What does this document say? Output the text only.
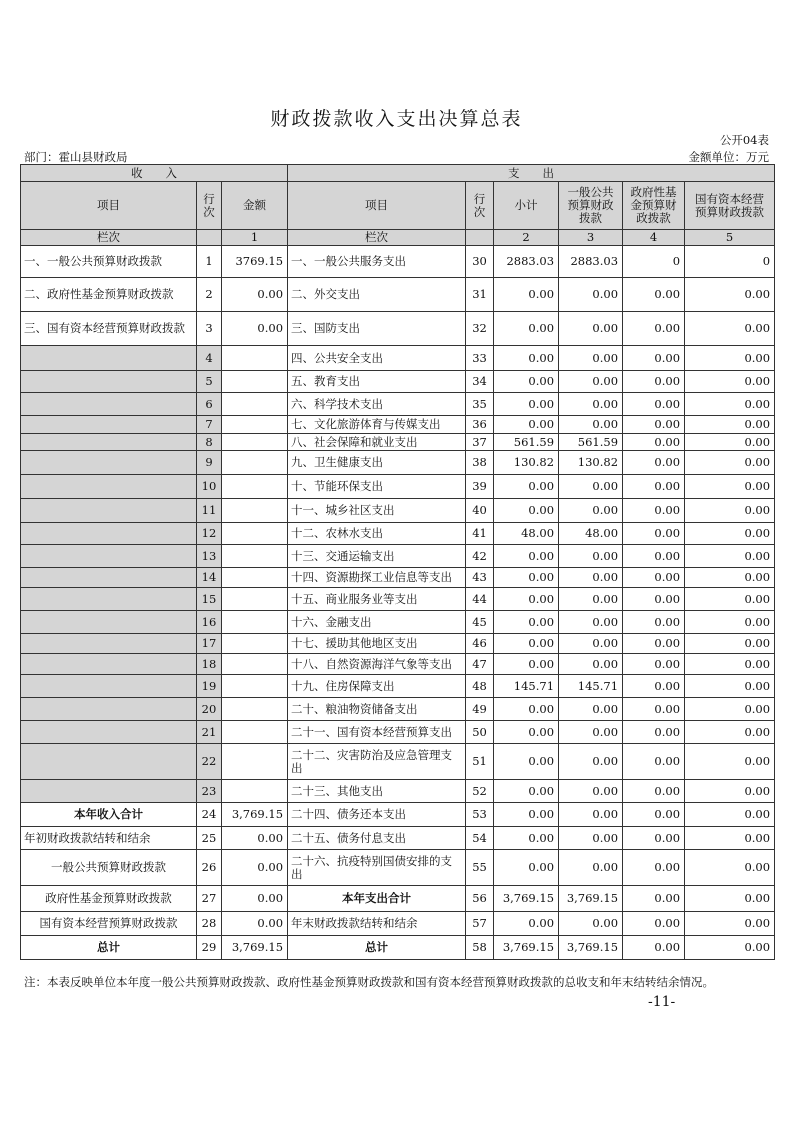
财政拨款收入支出决算总表
公开04表
部门：霍山县财政局	金额单位：万元
收　　入			支　　出					
项目	行 次	金额	项目	行 次	小计	一般公共 预算财政 拨款	政府性基 金预算财 政拨款	国有资本经营 预算财政拨款
栏次		1	栏次		2	3	4	5
一、一般公共预算财政拨款	1	3769.15	一、一般公共服务支出	30	2883.03	2883.03	0	0
二、政府性基金预算财政拨款	2	0.00	二、外交支出	31	0.00	0.00	0.00	0.00
三、国有资本经营预算财政拨款	3	0.00	三、国防支出	32	0.00	0.00	0.00	0.00
	4		四、公共安全支出	33	0.00	0.00	0.00	0.00
	5		五、教育支出	34	0.00	0.00	0.00	0.00
	6		六、科学技术支出	35	0.00	0.00	0.00	0.00
	7		七、文化旅游体育与传媒支出	36	0.00	0.00	0.00	0.00
	8		八、社会保障和就业支出	37	561.59	561.59	0.00	0.00
	9		九、卫生健康支出	38	130.82	130.82	0.00	0.00
	10		十、节能环保支出	39	0.00	0.00	0.00	0.00
	11		十一、城乡社区支出	40	0.00	0.00	0.00	0.00
	12		十二、农林水支出	41	48.00	48.00	0.00	0.00
	13		十三、交通运输支出	42	0.00	0.00	0.00	0.00
	14		十四、资源勘探工业信息等支出	43	0.00	0.00	0.00	0.00
	15		十五、商业服务业等支出	44	0.00	0.00	0.00	0.00
	16		十六、金融支出	45	0.00	0.00	0.00	0.00
	17		十七、援助其他地区支出	46	0.00	0.00	0.00	0.00
	18		十八、自然资源海洋气象等支出	47	0.00	0.00	0.00	0.00
	19		十九、住房保障支出	48	145.71	145.71	0.00	0.00
	20		二十、粮油物资储备支出	49	0.00	0.00	0.00	0.00
	21		二十一、国有资本经营预算支出	50	0.00	0.00	0.00	0.00
	22		二十二、灾害防治及应急管理支出	51	0.00	0.00	0.00	0.00
	23		二十三、其他支出	52	0.00	0.00	0.00	0.00
本年收入合计	24	3,769.15	二十四、债务还本支出	53	0.00	0.00	0.00	0.00
年初财政拨款结转和结余	25	0.00	二十五、债务付息支出	54	0.00	0.00	0.00	0.00
一般公共预算财政拨款	26	0.00	二十六、抗疫特别国债安排的支出	55	0.00	0.00	0.00	0.00
政府性基金预算财政拨款	27	0.00	本年支出合计	56	3,769.15	3,769.15	0.00	0.00
国有资本经营预算财政拨款	28	0.00	年末财政拨款结转和结余	57	0.00	0.00	0.00	0.00
总计	29	3,769.15	总计	58	3,769.15	3,769.15	0.00	0.00
注：本表反映单位本年度一般公共预算财政拨款、政府性基金预算财政拨款和国有资本经营预算财政拨款的总收支和年末结转结余情况。
-11-
